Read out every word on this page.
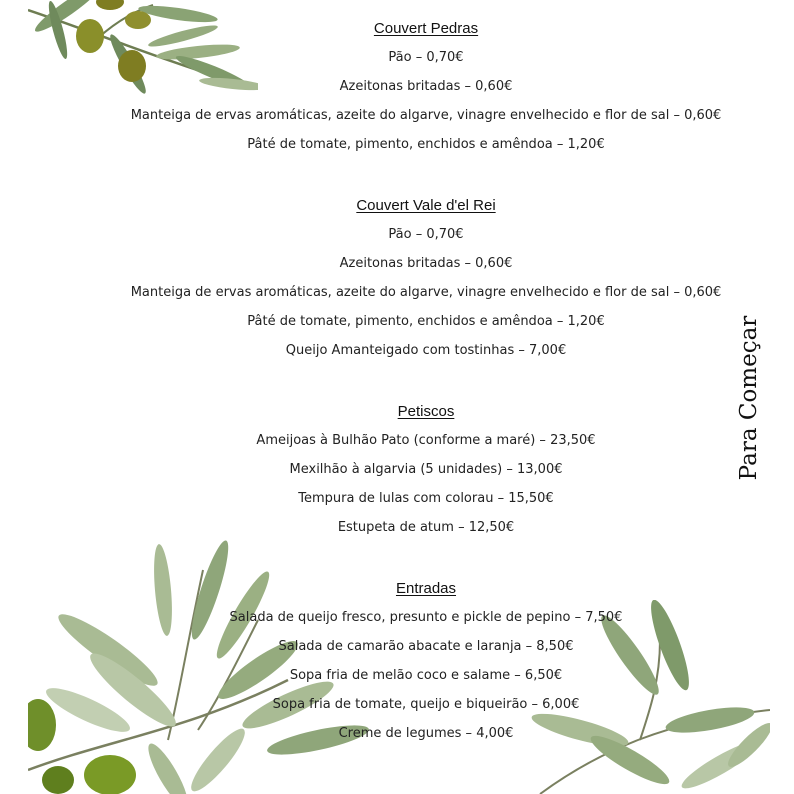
Para Começar
Couvert Pedras
Pão – 0,70€
Azeitonas britadas – 0,60€
Manteiga de ervas aromáticas, azeite do algarve, vinagre envelhecido e flor de sal – 0,60€
Pâté de tomate, pimento, enchidos e amêndoa – 1,20€
Couvert Vale d'el Rei
Pão – 0,70€
Azeitonas britadas – 0,60€
Manteiga de ervas aromáticas, azeite do algarve, vinagre envelhecido e flor de sal – 0,60€
Pâté de tomate, pimento, enchidos e amêndoa – 1,20€
Queijo Amanteigado com tostinhas – 7,00€
Petiscos
Ameijoas à Bulhão Pato (conforme a maré) – 23,50€
Mexilhão à algarvia (5 unidades) – 13,00€
Tempura de lulas com colorau – 15,50€
Estupeta de atum – 12,50€
Entradas
Salada de queijo fresco, presunto e pickle de pepino – 7,50€
Salada de camarão abacate e laranja – 8,50€
Sopa fria de melão coco e salame – 6,50€
Sopa fria de tomate, queijo e biqueirão – 6,00€
Creme de legumes – 4,00€
